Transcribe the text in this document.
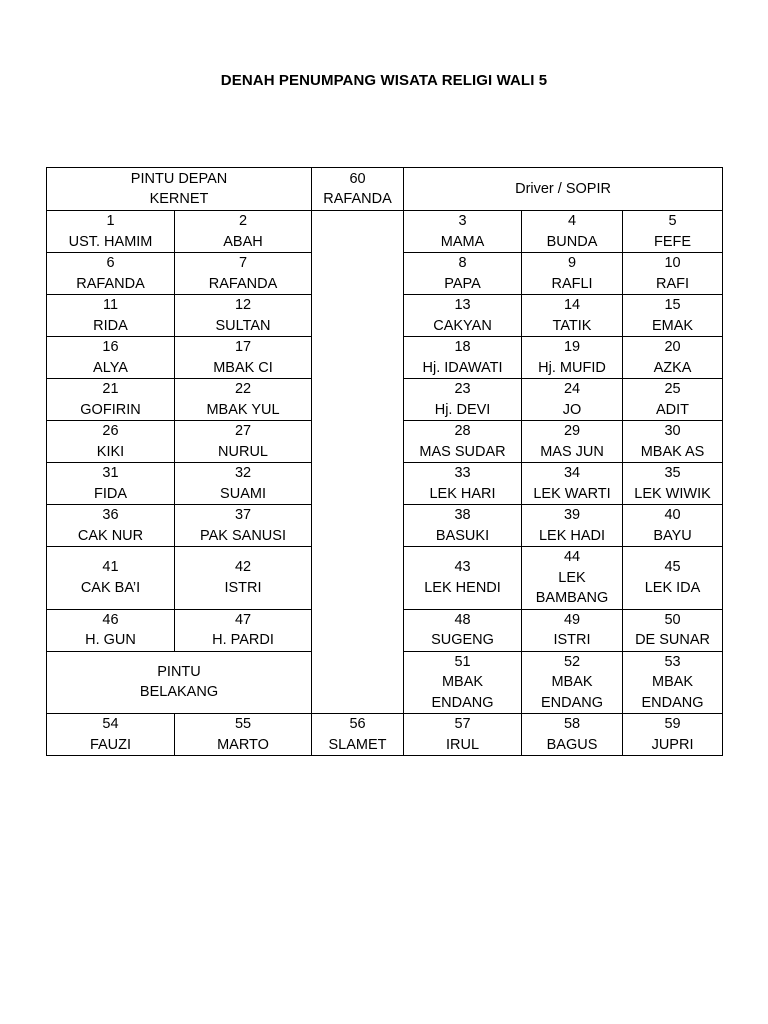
DENAH PENUMPANG WISATA RELIGI WALI 5
PINTU DEPAN
KERNET		60
RAFANDA	Driver / SOPIR		

1
UST. HAMIM	2
ABAH		3
MAMA	4
BUNDA	5
FEFE

6
RAFANDA	7
RAFANDA		8
PAPA	9
RAFLI	10
RAFI

11
RIDA	12
SULTAN		13
CAKYAN	14
TATIK	15
EMAK

16
ALYA	17
MBAK CI		18
Hj. IDAWATI	19
Hj. MUFID	20
AZKA

21
GOFIRIN	22
MBAK YUL		23
Hj. DEVI	24
JO	25
ADIT

26
KIKI	27
NURUL		28
MAS SUDAR	29
MAS JUN	30
MBAK AS

31
FIDA	32
SUAMI		33
LEK HARI	34
LEK WARTI	35
LEK WIWIK

36
CAK NUR	37
PAK SANUSI		38
BASUKI	39
LEK HADI	40
BAYU

41
CAK BA’I	42
ISTRI		43
LEK HENDI	44
LEK
BAMBANG	45
LEK IDA

46
H. GUN	47
H. PARDI		48
SUGENG	49
ISTRI	50
DE SUNAR

PINTU
BELAKANG			51
MBAK
ENDANG	52
MBAK
ENDANG	53
MBAK
ENDANG

54
FAUZI	55
MARTO	56
SLAMET	57
IRUL	58
BAGUS	59
JUPRI
